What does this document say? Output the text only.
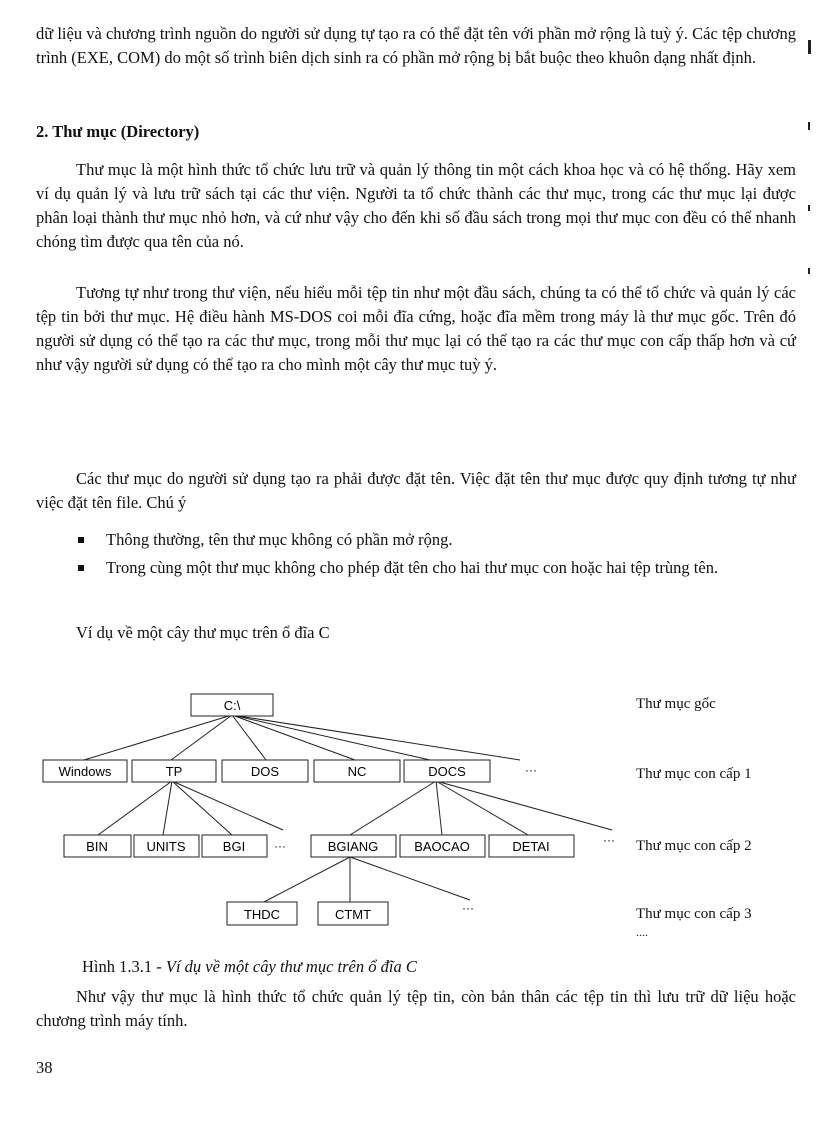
dữ liệu và chương trình nguồn do người sử dụng tự tạo ra có thể đặt tên với phần mở rộng là tuỳ ý. Các tệp chương trình (EXE, COM) do một số trình biên dịch sinh ra có phần mở rộng bị bắt buộc theo khuôn dạng nhất định.

2. Thư mục (Directory)

Thư mục là một hình thức tổ chức lưu trữ và quản lý thông tin một cách khoa học và có hệ thống. Hãy xem ví dụ quản lý và lưu trữ sách tại các thư viện. Người ta tổ chức thành các thư mục, trong các thư mục lại được phân loại thành thư mục nhỏ hơn, và cứ như vậy cho đến khi số đầu sách trong mọi thư mục con đều có thể nhanh chóng tìm được qua tên của nó.

Tương tự như trong thư viện, nếu hiểu mỗi tệp tin như một đầu sách, chúng ta có thể tổ chức và quản lý các tệp tin bởi thư mục. Hệ điều hành MS-DOS coi mỗi đĩa cứng, hoặc đĩa mềm trong máy là thư mục gốc. Trên đó người sử dụng có thể tạo ra các thư mục, trong mỗi thư mục lại có thể tạo ra các thư mục con cấp thấp hơn và cứ như vậy người sử dụng có thể tạo ra cho mình một cây thư mục tuỳ ý.

Các thư mục do người sử dụng tạo ra phải được đặt tên. Việc đặt tên thư mục được quy định tương tự như việc đặt tên file. Chú ý

Thông thường, tên thư mục không có phần mở rộng.
Trong cùng một thư mục không cho phép đặt tên cho hai thư mục con hoặc hai tệp trùng tên.

Ví dụ về một cây thư mục trên ổ đĩa C

C:\
Windows	TP	DOS	NC	DOCS	···
BIN	UNITS	BGI ···	BGIANG	BAOCAO	DETAI	···
THDC	CTMT	···
Thư mục gốc
Thư mục con cấp 1
Thư mục con cấp 2
Thư mục con cấp 3
....

Hình 1.3.1 - Ví dụ về một cây thư mục trên ổ đĩa C

Như vậy thư mục là hình thức tổ chức quản lý tệp tin, còn bản thân các tệp tin thì lưu trữ dữ liệu hoặc chương trình máy tính.

38
